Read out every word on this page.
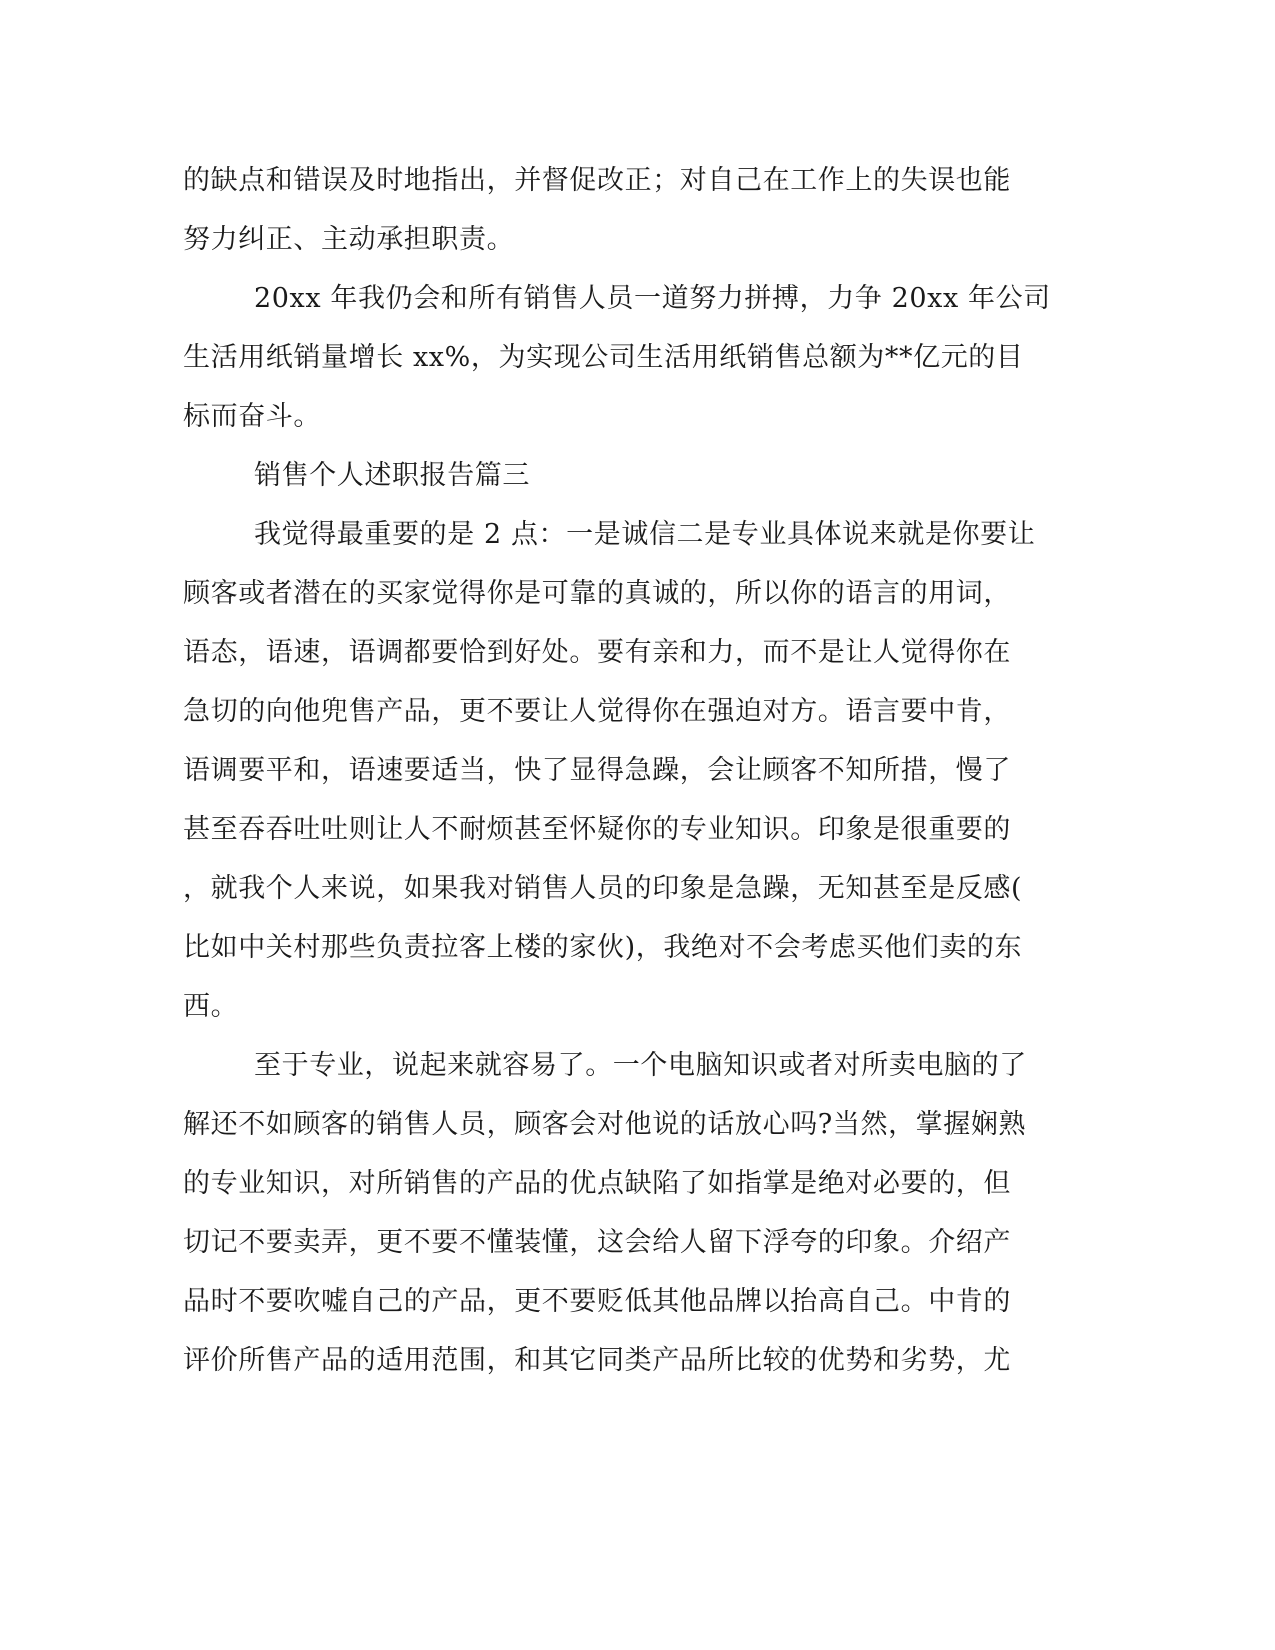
的缺点和错误及时地指出，并督促改正；对自己在工作上的失误也能
努力纠正、主动承担职责。
20xx 年我仍会和所有销售人员一道努力拼搏，力争 20xx 年公司
生活用纸销量增长 xx%，为实现公司生活用纸销售总额为**亿元的目
标而奋斗。
销售个人述职报告篇三
我觉得最重要的是 2 点：一是诚信二是专业具体说来就是你要让
顾客或者潜在的买家觉得你是可靠的真诚的，所以你的语言的用词，
语态，语速，语调都要恰到好处。要有亲和力，而不是让人觉得你在
急切的向他兜售产品，更不要让人觉得你在强迫对方。语言要中肯，
语调要平和，语速要适当，快了显得急躁，会让顾客不知所措，慢了
甚至吞吞吐吐则让人不耐烦甚至怀疑你的专业知识。印象是很重要的
，就我个人来说，如果我对销售人员的印象是急躁，无知甚至是反感(
比如中关村那些负责拉客上楼的家伙)，我绝对不会考虑买他们卖的东
西。
至于专业，说起来就容易了。一个电脑知识或者对所卖电脑的了
解还不如顾客的销售人员，顾客会对他说的话放心吗?当然，掌握娴熟
的专业知识，对所销售的产品的优点缺陷了如指掌是绝对必要的，但
切记不要卖弄，更不要不懂装懂，这会给人留下浮夸的印象。介绍产
品时不要吹嘘自己的产品，更不要贬低其他品牌以抬高自己。中肯的
评价所售产品的适用范围，和其它同类产品所比较的优势和劣势，尤
